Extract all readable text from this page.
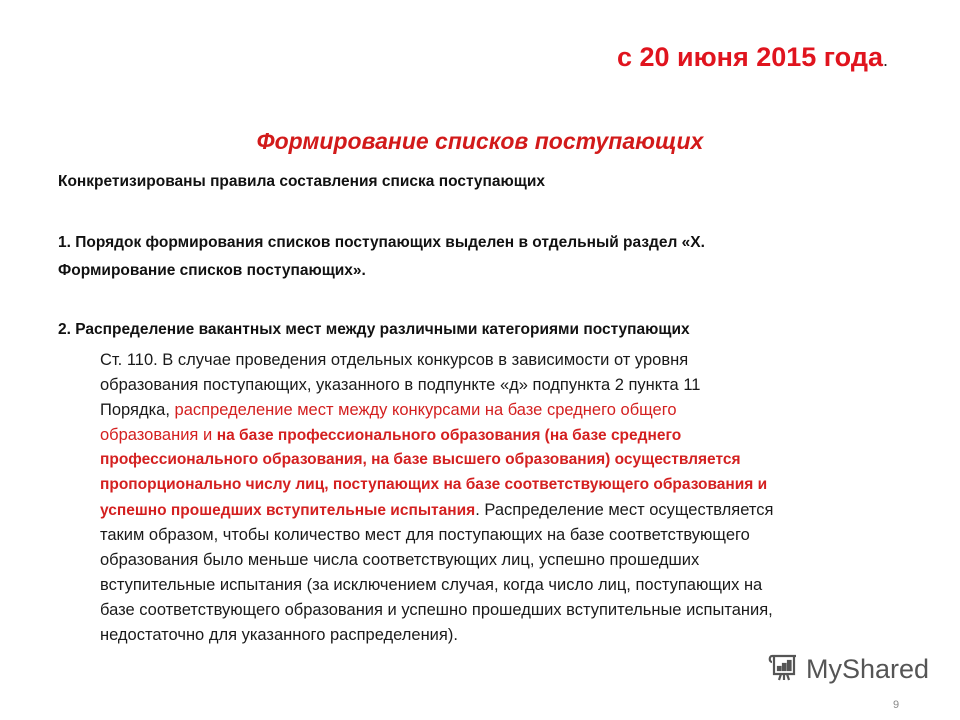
с 20 июня 2015 года.
Формирование списков поступающих
Конкретизированы правила составления списка поступающих
1. Порядок формирования списков поступающих выделен в отдельный раздел «Х.
Формирование списков поступающих».
2. Распределение вакантных мест между различными категориями поступающих
Ст. 110. В случае проведения отдельных конкурсов в зависимости от уровня
образования поступающих, указанного в подпункте «д» подпункта 2 пункта 11
Порядка, распределение мест между конкурсами на базе среднего общего
образования и на базе профессионального образования (на базе среднего
профессионального образования, на базе высшего образования) осуществляется
пропорционально числу лиц, поступающих на базе соответствующего образования и
успешно прошедших вступительные испытания. Распределение мест осуществляется
таким образом, чтобы количество мест для поступающих на базе соответствующего
образования было меньше числа соответствующих лиц, успешно прошедших
вступительные испытания (за исключением случая, когда число лиц, поступающих на
базе соответствующего образования и успешно прошедших вступительные испытания,
недостаточно для указанного распределения).
MyShared
9
